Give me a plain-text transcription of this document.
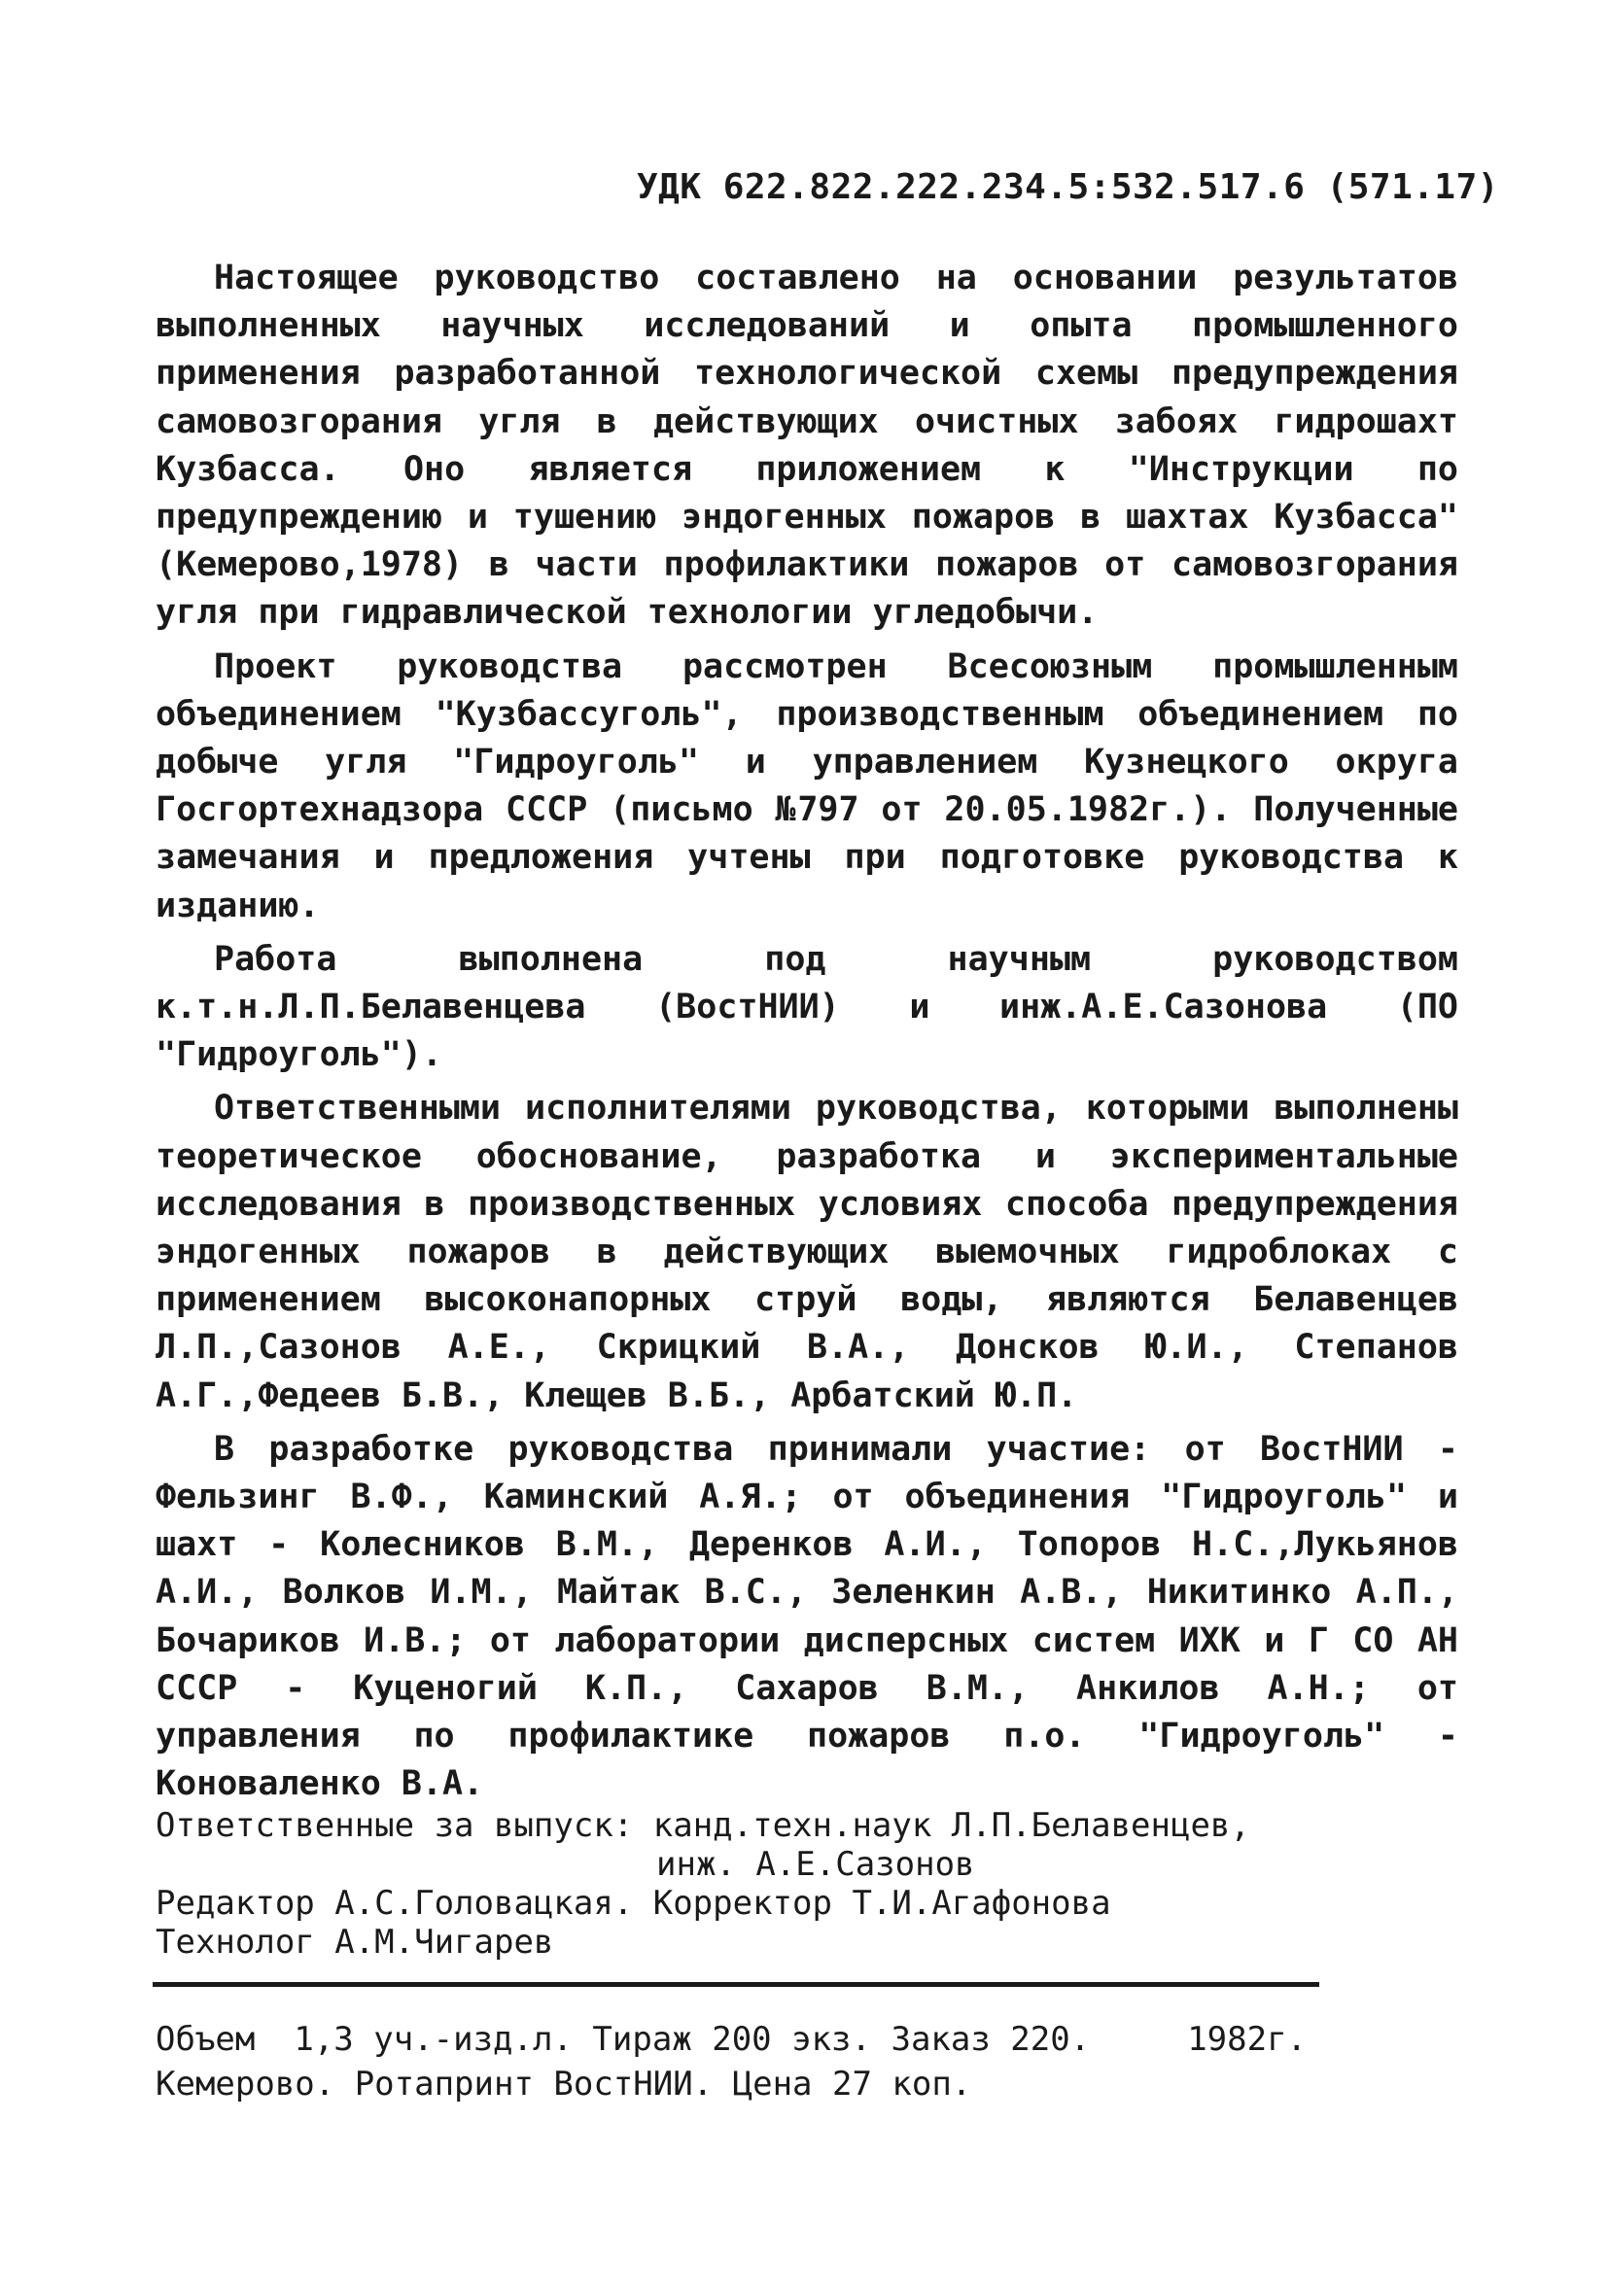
УДК 622.822.222.234.5:532.517.6 (571.17)

Настоящее руководство составлено на основании результатов выполненных научных исследований и опыта промышленного применения разработанной технологической схемы предупреждения самовозгорания угля в действующих очистных забоях гидрошахт Кузбасса. Оно является приложением к "Инструкции по предупреждению и тушению эндогенных пожаров в шахтах Кузбасса" (Кемерово,1978) в части профилактики пожаров от самовозгорания угля при гидравлической технологии угледобычи.

Проект руководства рассмотрен Всесоюзным промышленным объединением "Кузбассуголь", производственным объединением по добыче угля "Гидроуголь" и управлением Кузнецкого округа Госгортехнадзора СССР (письмо №797 от 20.05.1982г.). Полученные замечания и предложения учтены при подготовке руководства к изданию.

Работа выполнена под научным руководством к.т.н.Л.П.Белавенцева (ВостНИИ) и инж.А.Е.Сазонова (ПО "Гидроуголь").

Ответственными исполнителями руководства, которыми выполнены теоретическое обоснование, разработка и экспериментальные исследования в производственных условиях способа предупреждения эндогенных пожаров в действующих выемочных гидроблоках с применением высоконапорных струй воды, являются Белавенцев Л.П.,Сазонов А.Е., Скрицкий В.А., Донсков Ю.И., Степанов А.Г.,Федеев Б.В., Клещев В.Б., Арбатский Ю.П.

В разработке руководства принимали участие: от ВостНИИ - Фельзинг В.Ф., Каминский А.Я.; от объединения "Гидроуголь" и шахт - Колесников В.М., Деренков А.И., Топоров Н.С.,Лукьянов А.И., Волков И.М., Майтак В.С., Зеленкин А.В., Никитинко А.П., Бочариков И.В.; от лаборатории дисперсных систем ИХК и Г СО АН СССР - Куценогий К.П., Сахаров В.М., Анкилов А.Н.; от управления по профилактике пожаров п.о. "Гидроуголь" - Коноваленко В.А.

Ответственные за выпуск: канд.техн.наук Л.П.Белавенцев,
инж. А.Е.Сазонов
Редактор А.С.Головацкая. Корректор Т.И.Агафонова
Технолог А.М.Чигарев
Объем 1,3 уч.-изд.л. Тираж 200 экз. Заказ 220.	1982г.
Кемерово. Ротапринт ВостНИИ. Цена 27 коп.
